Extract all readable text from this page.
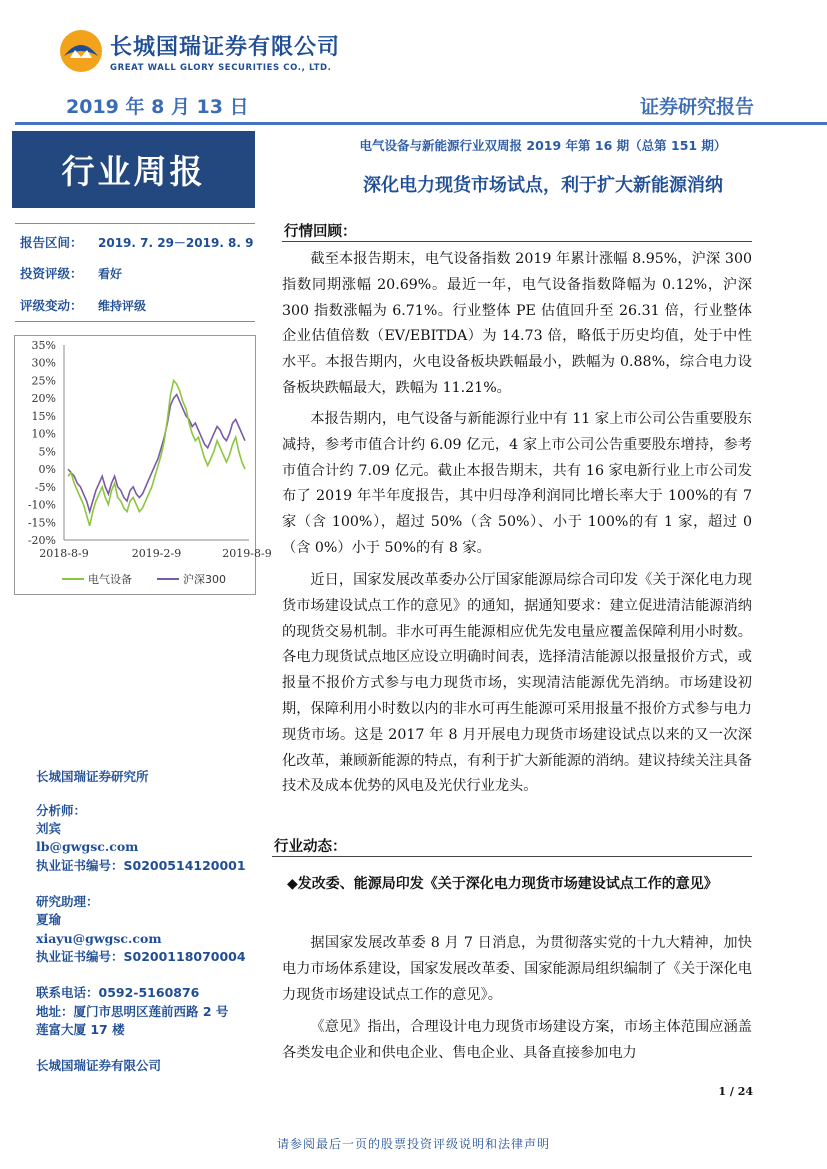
长城国瑞证券有限公司
GREAT WALL GLORY SECURITIES CO., LTD.
2019 年 8 月 13 日	证券研究报告
行业周报
电气设备与新能源行业双周报 2019 年第 16 期（总第 151 期）
深化电力现货市场试点，利于扩大新能源消纳
报告区间： 2019. 7. 29－2019. 8. 9
投资评级： 看好
评级变动： 维持评级
35%
30%
25%
20%
15%
10%
5%
0%
-5%
-10%
-15%
-20%
2018-8-9	2019-2-9	2019-8-9
电气设备	沪深300
长城国瑞证券研究所
分析师：
刘宾
lb@gwgsc.com
执业证书编号：S0200514120001
研究助理：
夏瑜
xiayu@gwgsc.com
执业证书编号：S0200118070004
联系电话：0592-5160876
地址：厦门市思明区莲前西路 2 号
莲富大厦 17 楼
长城国瑞证券有限公司
行情回顾：

截至本报告期末，电气设备指数 2019 年累计涨幅 8.95%，沪深 300 指数同期涨幅 20.69%。最近一年，电气设备指数降幅为 0.12%，沪深 300 指数涨幅为 6.71%。行业整体 PE 估值回升至 26.31 倍，行业整体企业估值倍数（EV/EBITDA）为 14.73 倍，略低于历史均值，处于中性水平。本报告期内，火电设备板块跌幅最小，跌幅为 0.88%，综合电力设备板块跌幅最大，跌幅为 11.21%。

本报告期内，电气设备与新能源行业中有 11 家上市公司公告重要股东减持，参考市值合计约 6.09 亿元，4 家上市公司公告重要股东增持，参考市值合计约 7.09 亿元。截止本报告期末，共有 16 家电新行业上市公司发布了 2019 年半年度报告，其中归母净利润同比增长率大于 100%的有 7 家（含 100%），超过 50%（含 50%）、小于 100%的有 1 家，超过 0（含 0%）小于 50%的有 8 家。

近日，国家发展改革委办公厅国家能源局综合司印发《关于深化电力现货市场建设试点工作的意见》的通知，据通知要求：建立促进清洁能源消纳的现货交易机制。非水可再生能源相应优先发电量应覆盖保障利用小时数。各电力现货试点地区应设立明确时间表，选择清洁能源以报量报价方式，或报量不报价方式参与电力现货市场，实现清洁能源优先消纳。市场建设初期，保障利用小时数以内的非水可再生能源可采用报量不报价方式参与电力现货市场。这是 2017 年 8 月开展电力现货市场建设试点以来的又一次深化改革，兼顾新能源的特点，有利于扩大新能源的消纳。建议持续关注具备技术及成本优势的风电及光伏行业龙头。

行业动态：
◆发改委、能源局印发《关于深化电力现货市场建设试点工作的意见》

据国家发展改革委 8 月 7 日消息，为贯彻落实党的十九大精神，加快电力市场体系建设，国家发展改革委、国家能源局组织编制了《关于深化电力现货市场建设试点工作的意见》。

《意见》指出，合理设计电力现货市场建设方案，市场主体范围应涵盖各类发电企业和供电企业、售电企业、具备直接参加电力

1 / 24
请参阅最后一页的股票投资评级说明和法律声明
